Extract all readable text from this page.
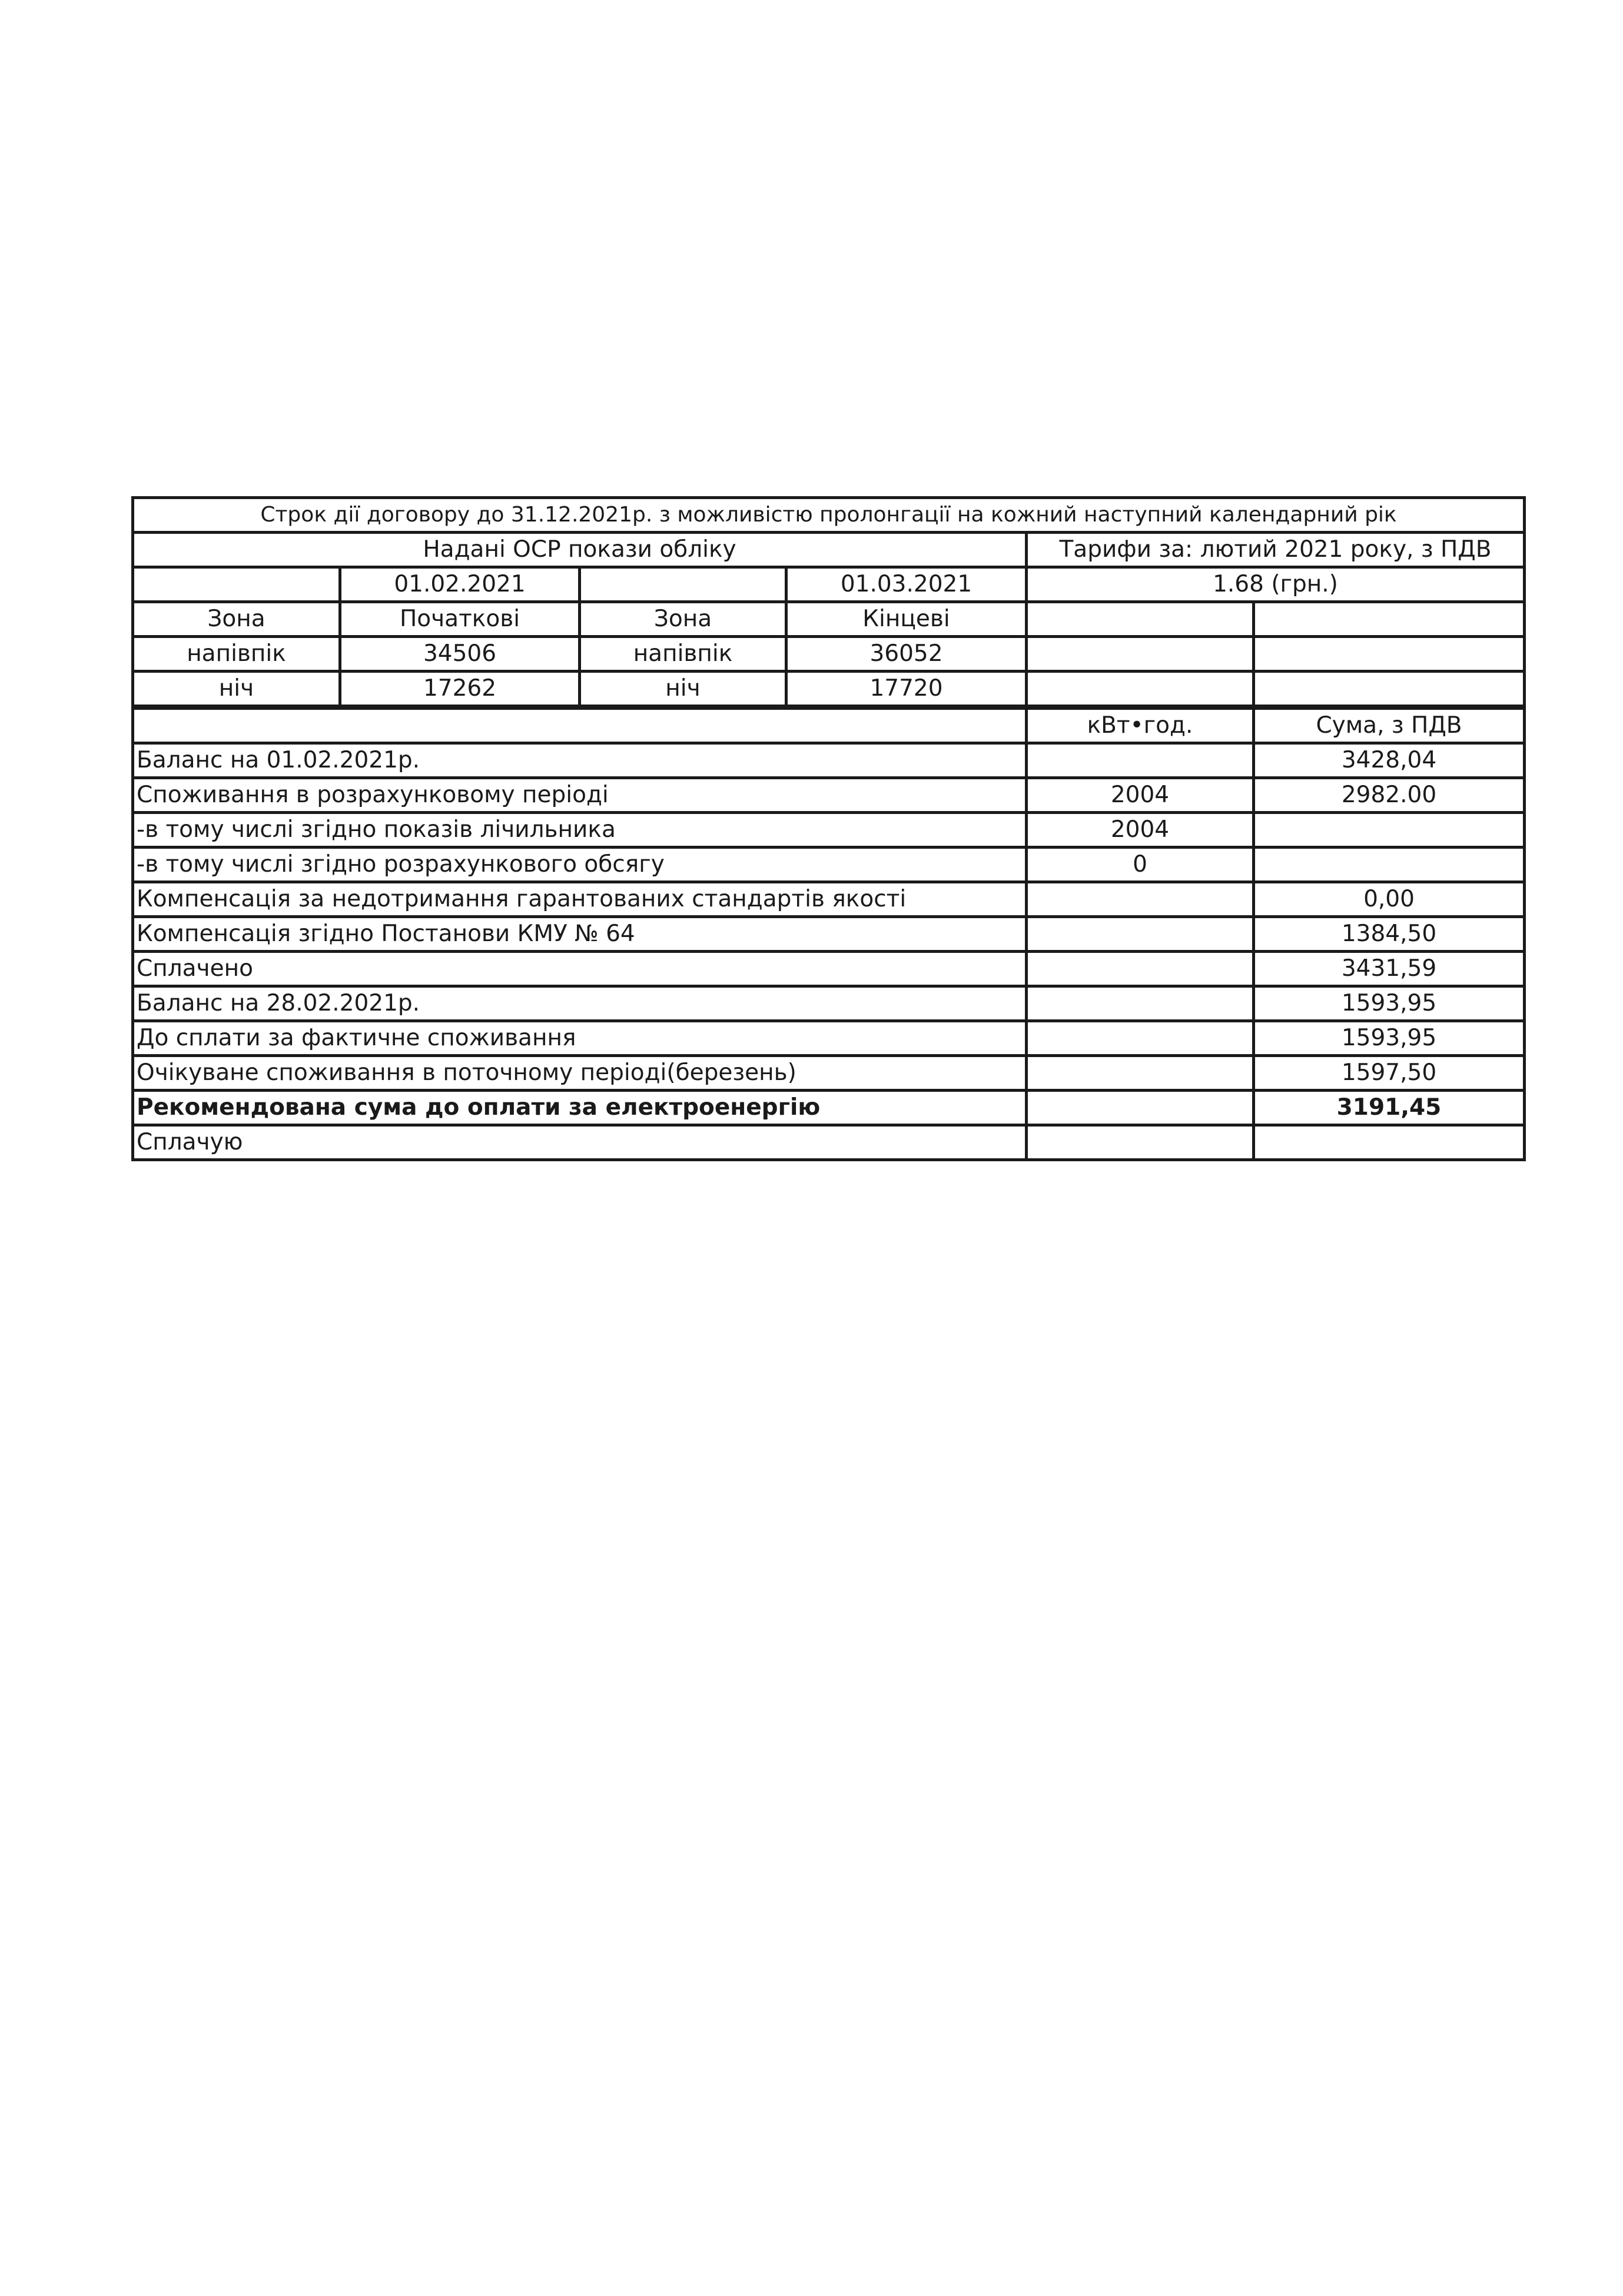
Строк дії договору до 31.12.2021р. з можливістю пролонгації на кожний наступний календарний рік					
Надані ОСР покази обліку				Тарифи за: лютий 2021 року, з ПДВ	
	01.02.2021		01.03.2021	1.68 (грн.)	
Зона	Початкові	Зона	Кінцеві		
напівпік	34506	напівпік	36052		
ніч	17262	ніч	17720		
				кВт•год.	Сума, з ПДВ
Баланс на 01.02.2021р.					3428,04
Споживання в розрахунковому періоді				2004	2982.00
-в тому числі згідно показів лічильника				2004	
-в тому числі згідно розрахункового обсягу				0	
Компенсація за недотримання гарантованих стандартів якості					0,00
Компенсація згідно Постанови КМУ № 64					1384,50
Сплачено					3431,59
Баланс на 28.02.2021р.					1593,95
До сплати за фактичне споживання					1593,95
Очікуване споживання в поточному періоді(березень)					1597,50
Рекомендована сума до оплати за електроенергію					3191,45
Сплачую					
